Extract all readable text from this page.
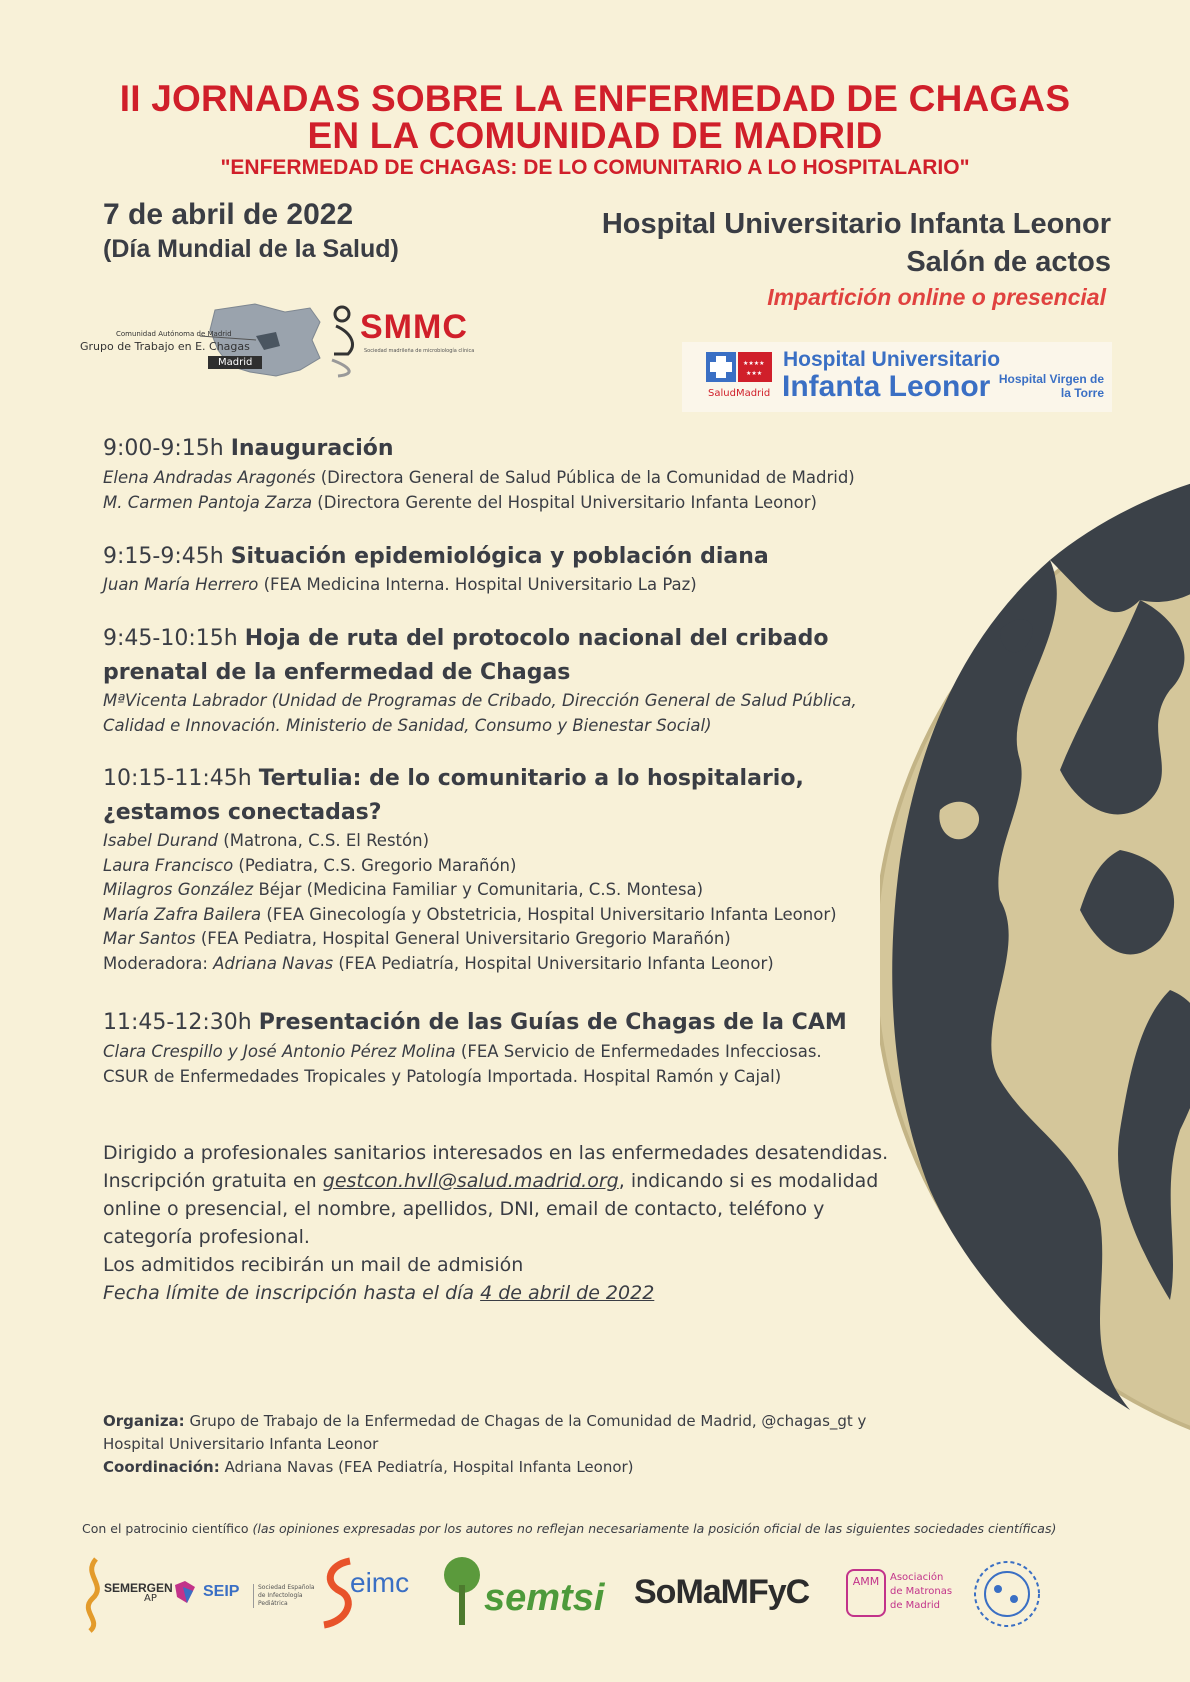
II JORNADAS SOBRE LA ENFERMEDAD DE CHAGAS
EN LA COMUNIDAD DE MADRID
"ENFERMEDAD DE CHAGAS: DE LO COMUNITARIO A LO HOSPITALARIO"
7 de abril de 2022
(Día Mundial de la Salud)
Hospital Universitario Infanta Leonor
Salón de actos
Impartición online o presencial
Comunidad Autónoma de Madrid
Grupo de Trabajo en E. Chagas
Madrid
SMMC
Sociedad madrileña de microbiología clínica
★★★★
★★★
SaludMadrid
Hospital Universitario
Infanta Leonor Hospital Virgen de la Torre
9:00-9:15h Inauguración
Elena Andradas Aragonés (Directora General de Salud Pública de la Comunidad de Madrid)
M. Carmen Pantoja Zarza (Directora Gerente del Hospital Universitario Infanta Leonor)
9:15-9:45h Situación epidemiológica y población diana
Juan María Herrero (FEA Medicina Interna. Hospital Universitario La Paz)
9:45-10:15h Hoja de ruta del protocolo nacional del cribado
prenatal de la enfermedad de Chagas
MªVicenta Labrador (Unidad de Programas de Cribado, Dirección General de Salud Pública,
Calidad e Innovación. Ministerio de Sanidad, Consumo y Bienestar Social)
10:15-11:45h Tertulia: de lo comunitario a lo hospitalario,
¿estamos conectadas?
Isabel Durand (Matrona, C.S. El Restón)
Laura Francisco (Pediatra, C.S. Gregorio Marañón)
Milagros González Béjar (Medicina Familiar y Comunitaria, C.S. Montesa)
María Zafra Bailera (FEA Ginecología y Obstetricia, Hospital Universitario Infanta Leonor)
Mar Santos (FEA Pediatra, Hospital General Universitario Gregorio Marañón)
Moderadora: Adriana Navas (FEA Pediatría, Hospital Universitario Infanta Leonor)
11:45-12:30h Presentación de las Guías de Chagas de la CAM
Clara Crespillo y José Antonio Pérez Molina (FEA Servicio de Enfermedades Infecciosas.
CSUR de Enfermedades Tropicales y Patología Importada. Hospital Ramón y Cajal)
Dirigido a profesionales sanitarios interesados en las enfermedades desatendidas.
Inscripción gratuita en gestcon.hvll@salud.madrid.org, indicando si es modalidad
online o presencial, el nombre, apellidos, DNI, email de contacto, teléfono y
categoría profesional.
Los admitidos recibirán un mail de admisión
Fecha límite de inscripción hasta el día 4 de abril de 2022
Organiza: Grupo de Trabajo de la Enfermedad de Chagas de la Comunidad de Madrid, @chagas_gt y
Hospital Universitario Infanta Leonor
Coordinación: Adriana Navas (FEA Pediatría, Hospital Infanta Leonor)
Con el patrocinio científico (las opiniones expresadas por los autores no reflejan necesariamente la posición oficial de las siguientes sociedades científicas)
SEMERGEN
AP	SEIP	Sociedad Española de Infectología Pediátrica
eimc semtsi SoMaMFyC	AMM	Asociación de Matronas de Madrid
